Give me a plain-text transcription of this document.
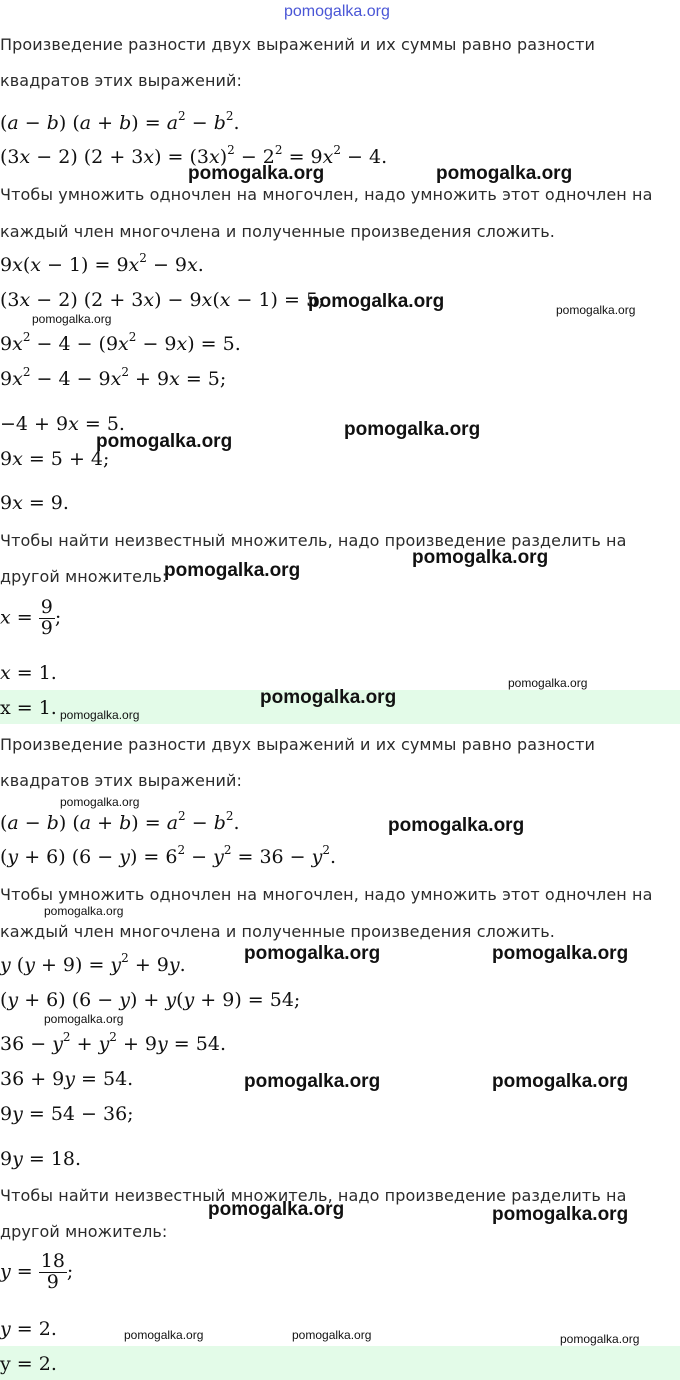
pomogalka.org
Произведение разности двух выражений и их суммы равно разности
квадратов этих выражений:
(a − b) $(a + b) = a^2 - b^2$.
(3x − 2) $(2 + 3x) = (3x)^2 - 2^2 = 9x^2 - 4$.
Чтобы умножить одночлен на многочлен, надо умножить этот одночлен на
каждый член многочлена и полученные произведения сложить.
$9x(x - 1) = 9x^2 - 9x$.
(3x − 2) (2 + 3x) − 9x(x − 1) = 5;
$9x^2 - 4 - (9x^2 - 9x) = 5$.
$9x^2 - 4 - 9x^2 + 9x = 5$;
−4 + 9x = 5.
9x = 5 + 4;
9x = 9.
Чтобы найти неизвестный множитель, надо произведение разделить на
другой множитель:
$x = \frac{9}{9}$ ;
x = 1.
x = 1.
Произведение разности двух выражений и их суммы равно разности
квадратов этих выражений:
(a − b) $(a + b) = a^2 - b^2$.
(y + 6) $(6 - y) = 6^2 - y^2 = 36 - y^2$.
Чтобы умножить одночлен на многочлен, надо умножить этот одночлен на
каждый член многочлена и полученные произведения сложить.
y $(y + 9) = y^2 + 9y$.
(y + 6) (6 − y) + y(y + 9) = 54;
$36 - y^2 + y^2 + 9y = 54$.
36 + 9y = 54.
9y = 54 − 36;
9y = 18.
Чтобы найти неизвестный множитель, надо произведение разделить на
другой множитель:
$y = \frac{18}{9}$ ;
y = 2.
y = 2.
pomogalka.org	pomogalka.org
pomogalka.org
pomogalka.org
pomogalka.org
pomogalka.org
pomogalka.org
pomogalka.org
pomogalka.org
pomogalka.org
pomogalka.org
pomogalka.org
pomogalka.org
pomogalka.org
pomogalka.org
pomogalka.org	pomogalka.org
pomogalka.org
pomogalka.org	pomogalka.org
pomogalka.org	pomogalka.org
pomogalka.org	pomogalka.org	pomogalka.org
